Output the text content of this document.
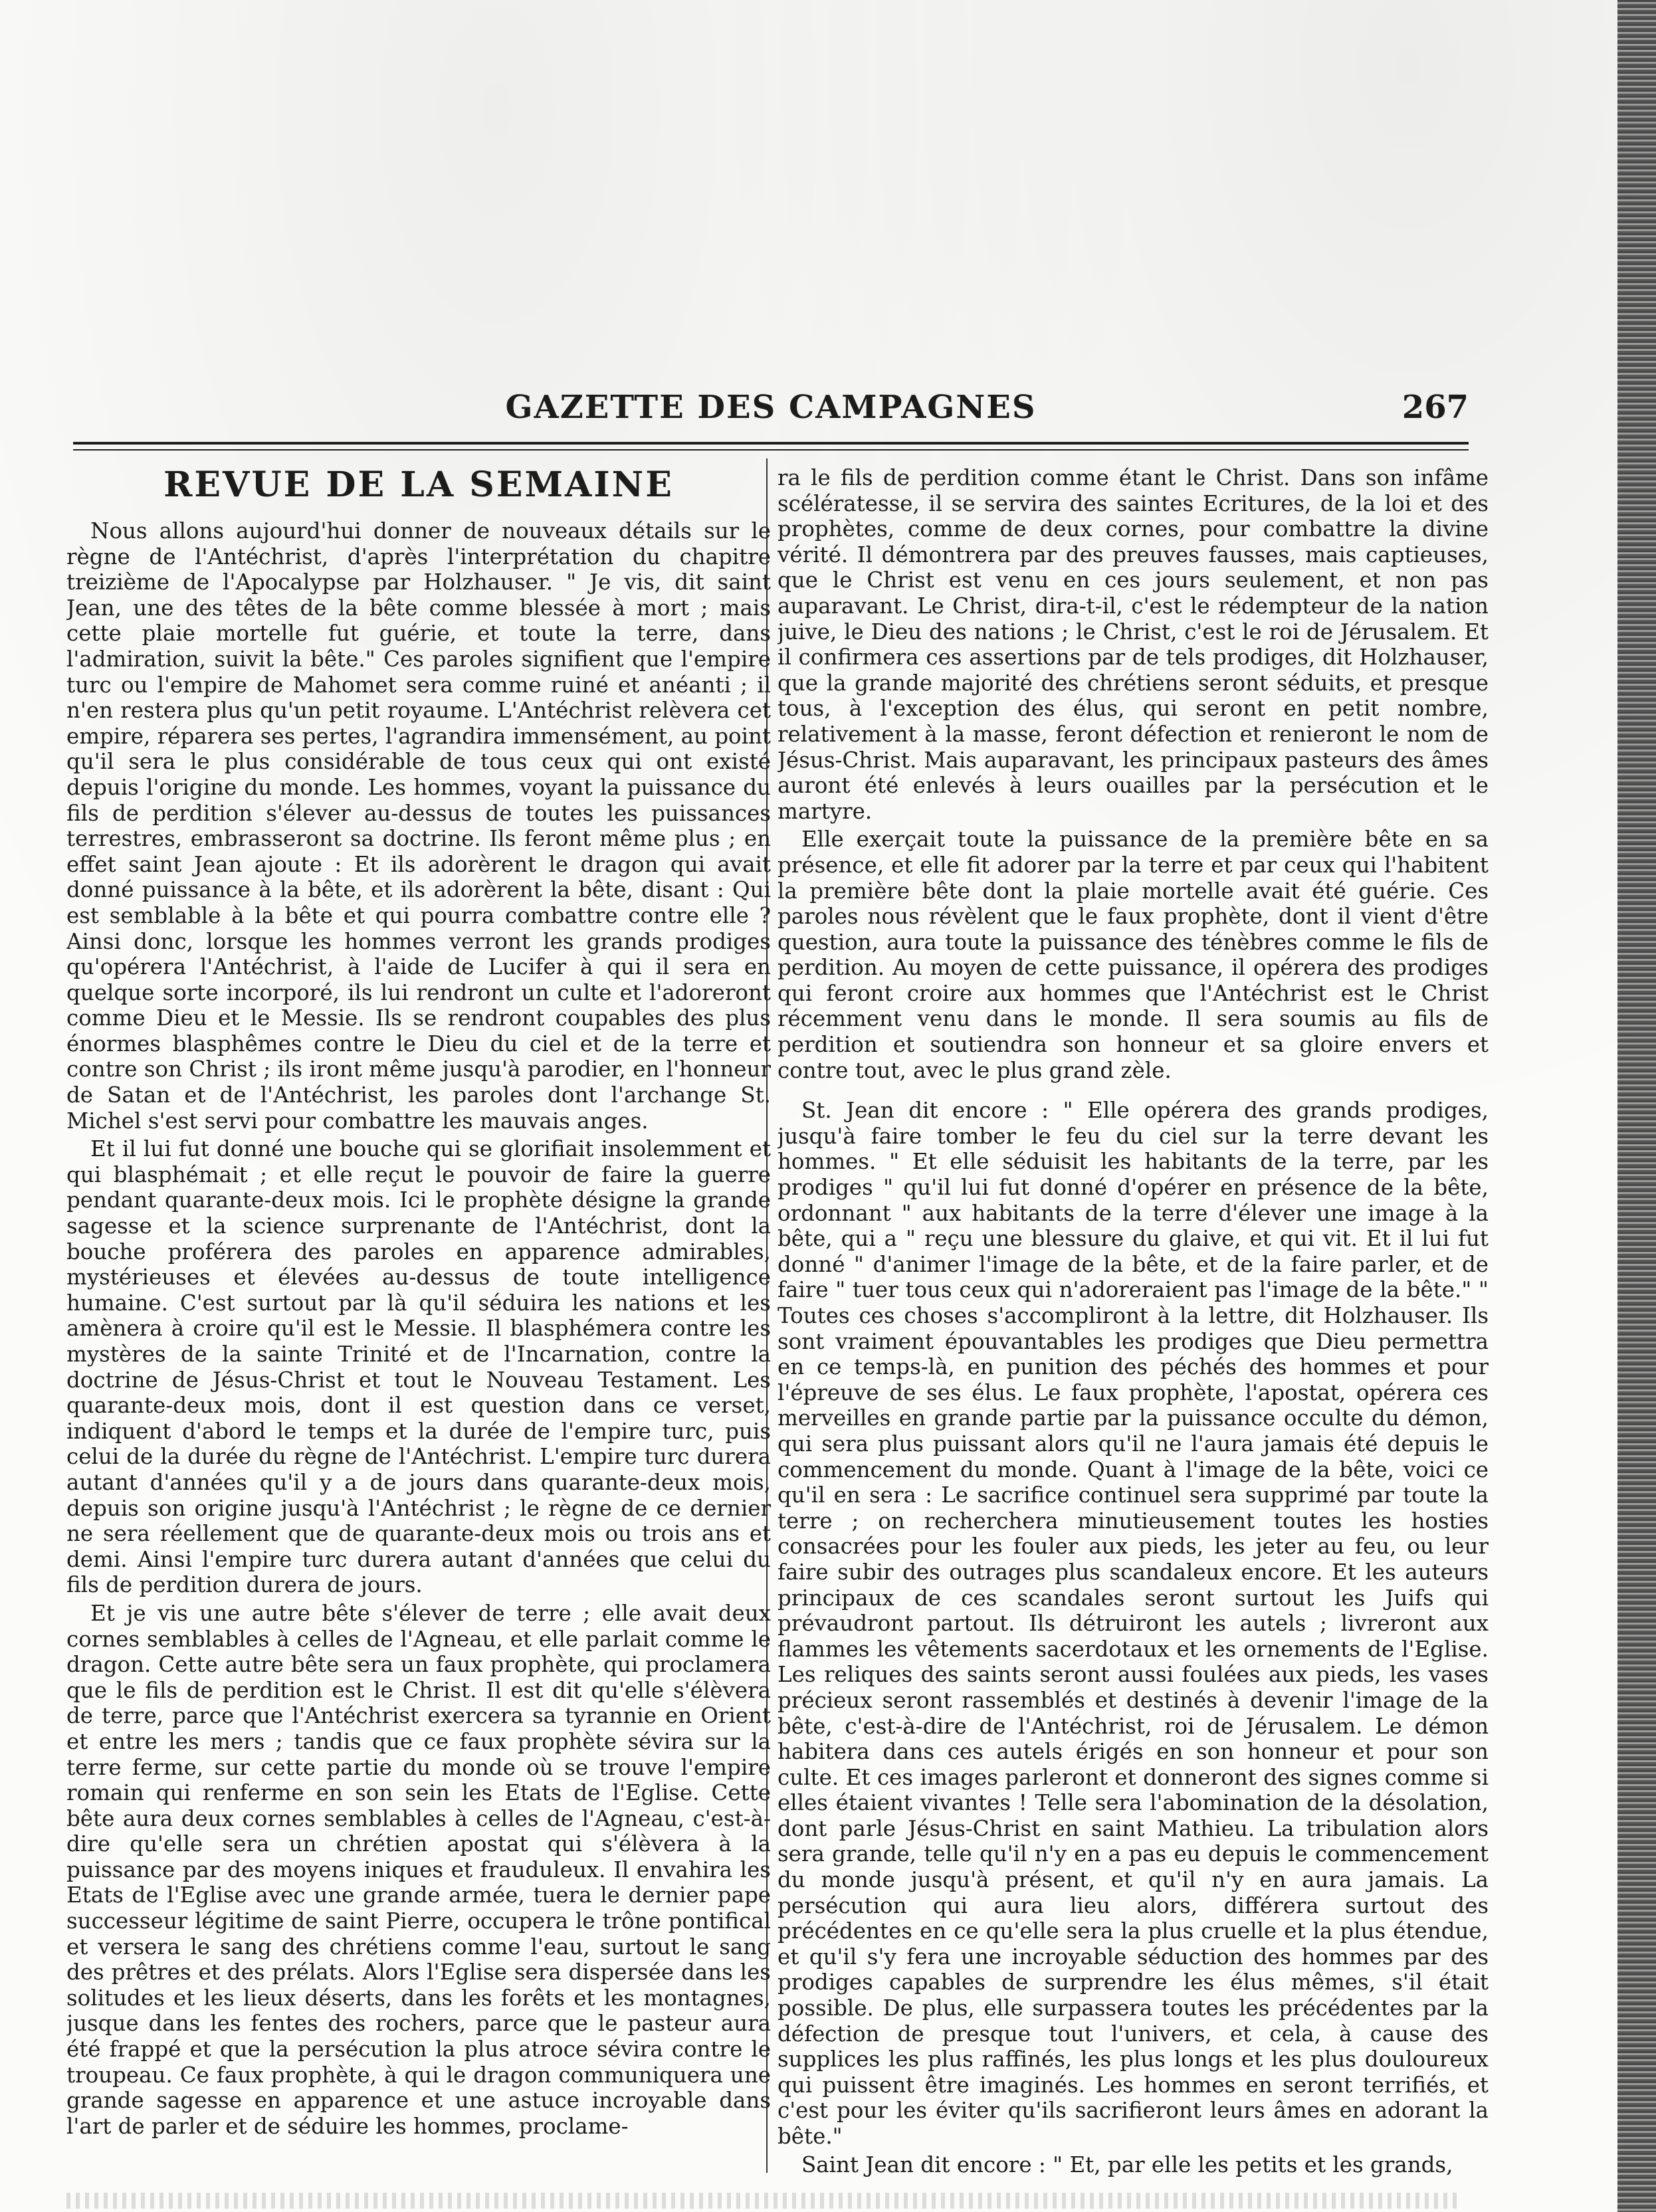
GAZETTE DES CAMPAGNES	267
REVUE DE LA SEMAINE

Nous allons aujourd'hui donner de nouveaux détails sur le règne de l'Antéchrist, d'après l'interprétation du chapitre treizième de l'Apocalypse par Holzhauser. " Je vis, dit saint Jean, une des têtes de la bête comme blessée à mort ; mais cette plaie mortelle fut guérie, et toute la terre, dans l'admiration, suivit la bête." Ces paroles signifient que l'empire turc ou l'empire de Mahomet sera comme ruiné et anéanti ; il n'en restera plus qu'un petit royaume. L'Antéchrist relèvera cet empire, réparera ses pertes, l'agrandira immensément, au point qu'il sera le plus considérable de tous ceux qui ont existé depuis l'origine du monde. Les hommes, voyant la puissance du fils de perdition s'élever au-dessus de toutes les puissances terrestres, embrasseront sa doctrine. Ils feront même plus ; en effet saint Jean ajoute : Et ils adorèrent le dragon qui avait donné puissance à la bête, et ils adorèrent la bête, disant : Qui est semblable à la bête et qui pourra combattre contre elle ? Ainsi donc, lorsque les hommes verront les grands prodiges qu'opérera l'Antéchrist, à l'aide de Lucifer à qui il sera en quelque sorte incorporé, ils lui rendront un culte et l'adoreront comme Dieu et le Messie. Ils se rendront coupables des plus énormes blasphêmes contre le Dieu du ciel et de la terre et contre son Christ ; ils iront même jusqu'à parodier, en l'honneur de Satan et de l'Antéchrist, les paroles dont l'archange St. Michel s'est servi pour combattre les mauvais anges.

Et il lui fut donné une bouche qui se glorifiait insolemment et qui blasphémait ; et elle reçut le pouvoir de faire la guerre pendant quarante-deux mois. Ici le prophète désigne la grande sagesse et la science surprenante de l'Antéchrist, dont la bouche proférera des paroles en apparence admirables, mystérieuses et élevées au-dessus de toute intelligence humaine. C'est surtout par là qu'il séduira les nations et les amènera à croire qu'il est le Messie. Il blasphémera contre les mystères de la sainte Trinité et de l'Incarnation, contre la doctrine de Jésus-Christ et tout le Nouveau Testament. Les quarante-deux mois, dont il est question dans ce verset, indiquent d'abord le temps et la durée de l'empire turc, puis celui de la durée du règne de l'Antéchrist. L'empire turc durera autant d'années qu'il y a de jours dans quarante-deux mois, depuis son origine jusqu'à l'Antéchrist ; le règne de ce dernier ne sera réellement que de quarante-deux mois ou trois ans et demi. Ainsi l'empire turc durera autant d'années que celui du fils de perdition durera de jours.

Et je vis une autre bête s'élever de terre ; elle avait deux cornes semblables à celles de l'Agneau, et elle parlait comme le dragon. Cette autre bête sera un faux prophète, qui proclamera que le fils de perdition est le Christ. Il est dit qu'elle s'élèvera de terre, parce que l'Antéchrist exercera sa tyrannie en Orient et entre les mers ; tandis que ce faux prophète sévira sur la terre ferme, sur cette partie du monde où se trouve l'empire romain qui renferme en son sein les Etats de l'Eglise. Cette bête aura deux cornes semblables à celles de l'Agneau, c'est-à-dire qu'elle sera un chrétien apostat qui s'élèvera à la puissance par des moyens iniques et frauduleux. Il envahira les Etats de l'Eglise avec une grande armée, tuera le dernier pape successeur légitime de saint Pierre, occupera le trône pontifical et versera le sang des chrétiens comme l'eau, surtout le sang des prêtres et des prélats. Alors l'Eglise sera dispersée dans les solitudes et les lieux déserts, dans les forêts et les montagnes, jusque dans les fentes des rochers, parce que le pasteur aura été frappé et que la persécution la plus atroce sévira contre le troupeau. Ce faux prophète, à qui le dragon communiquera une grande sagesse en apparence et une astuce incroyable dans l'art de parler et de séduire les hommes, proclame-

ra le fils de perdition comme étant le Christ. Dans son infâme scélératesse, il se servira des saintes Ecritures, de la loi et des prophètes, comme de deux cornes, pour combattre la divine vérité. Il démontrera par des preuves fausses, mais captieuses, que le Christ est venu en ces jours seulement, et non pas auparavant. Le Christ, dira-t-il, c'est le rédempteur de la nation juive, le Dieu des nations ; le Christ, c'est le roi de Jérusalem. Et il confirmera ces assertions par de tels prodiges, dit Holzhauser, que la grande majorité des chrétiens seront séduits, et presque tous, à l'exception des élus, qui seront en petit nombre, relativement à la masse, feront défection et renieront le nom de Jésus-Christ. Mais auparavant, les principaux pasteurs des âmes auront été enlevés à leurs ouailles par la persécution et le martyre.

Elle exerçait toute la puissance de la première bête en sa présence, et elle fit adorer par la terre et par ceux qui l'habitent la première bête dont la plaie mortelle avait été guérie. Ces paroles nous révèlent que le faux prophète, dont il vient d'être question, aura toute la puissance des ténèbres comme le fils de perdition. Au moyen de cette puissance, il opérera des prodiges qui feront croire aux hommes que l'Antéchrist est le Christ récemment venu dans le monde. Il sera soumis au fils de perdition et soutiendra son honneur et sa gloire envers et contre tout, avec le plus grand zèle.

St. Jean dit encore : " Elle opérera des grands prodiges, jusqu'à faire tomber le feu du ciel sur la terre devant les hommes. " Et elle séduisit les habitants de la terre, par les prodiges " qu'il lui fut donné d'opérer en présence de la bête, ordonnant " aux habitants de la terre d'élever une image à la bête, qui a " reçu une blessure du glaive, et qui vit. Et il lui fut donné " d'animer l'image de la bête, et de la faire parler, et de faire " tuer tous ceux qui n'adoreraient pas l'image de la bête." " Toutes ces choses s'accompliront à la lettre, dit Holzhauser. Ils sont vraiment épouvantables les prodiges que Dieu permettra en ce temps-là, en punition des péchés des hommes et pour l'épreuve de ses élus. Le faux prophète, l'apostat, opérera ces merveilles en grande partie par la puissance occulte du démon, qui sera plus puissant alors qu'il ne l'aura jamais été depuis le commencement du monde. Quant à l'image de la bête, voici ce qu'il en sera : Le sacrifice continuel sera supprimé par toute la terre ; on recherchera minutieusement toutes les hosties consacrées pour les fouler aux pieds, les jeter au feu, ou leur faire subir des outrages plus scandaleux encore. Et les auteurs principaux de ces scandales seront surtout les Juifs qui prévaudront partout. Ils détruiront les autels ; livreront aux flammes les vêtements sacerdotaux et les ornements de l'Eglise. Les reliques des saints seront aussi foulées aux pieds, les vases précieux seront rassemblés et destinés à devenir l'image de la bête, c'est-à-dire de l'Antéchrist, roi de Jérusalem. Le démon habitera dans ces autels érigés en son honneur et pour son culte. Et ces images parleront et donneront des signes comme si elles étaient vivantes ! Telle sera l'abomination de la désolation, dont parle Jésus-Christ en saint Mathieu. La tribulation alors sera grande, telle qu'il n'y en a pas eu depuis le commencement du monde jusqu'à présent, et qu'il n'y en aura jamais. La persécution qui aura lieu alors, différera surtout des précédentes en ce qu'elle sera la plus cruelle et la plus étendue, et qu'il s'y fera une incroyable séduction des hommes par des prodiges capables de surprendre les élus mêmes, s'il était possible. De plus, elle surpassera toutes les précédentes par la défection de presque tout l'univers, et cela, à cause des supplices les plus raffinés, les plus longs et les plus douloureux qui puissent être imaginés. Les hommes en seront terrifiés, et c'est pour les éviter qu'ils sacrifieront leurs âmes en adorant la bête."

Saint Jean dit encore : " Et, par elle les petits et les grands,
